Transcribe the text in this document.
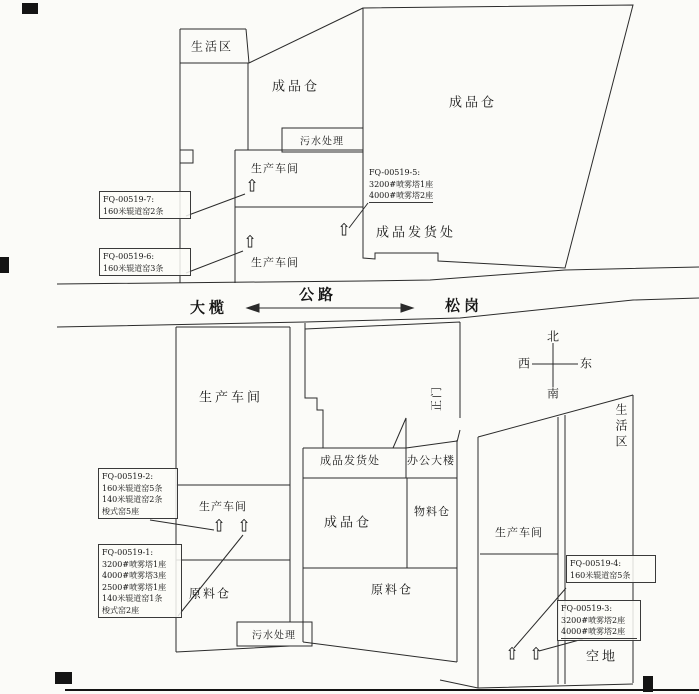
生活区
成品仓
成品仓
污水处理
生产车间
生产车间
成品发货处
FQ-00519-5:
3200#喷雾塔1座
4000#喷雾塔2座
FQ-00519-7:
160米辊道窑2条
FQ-00519-6:
160米辊道窑3条
⇧
⇧
⇧
大榄
公路
松岗
北
南
西	东
生产车间
生产车间
原料仓
污水处理
成品发货处 办公大楼
成品仓
物料仓
原料仓
生产车间
生活区
正门
空地
FQ-00519-2:
160米辊道窑5条
140米辊道窑2条
梭式窑5座
FQ-00519-1:
3200#喷雾塔1座
4000#喷雾塔3座
2500#喷雾塔1座
140米辊道窑1条
梭式窑2座
FQ-00519-4:
160米辊道窑5条
FQ-00519-3:
3200#喷雾塔2座
4000#喷雾塔2座
⇧ ⇧
⇧ ⇧
